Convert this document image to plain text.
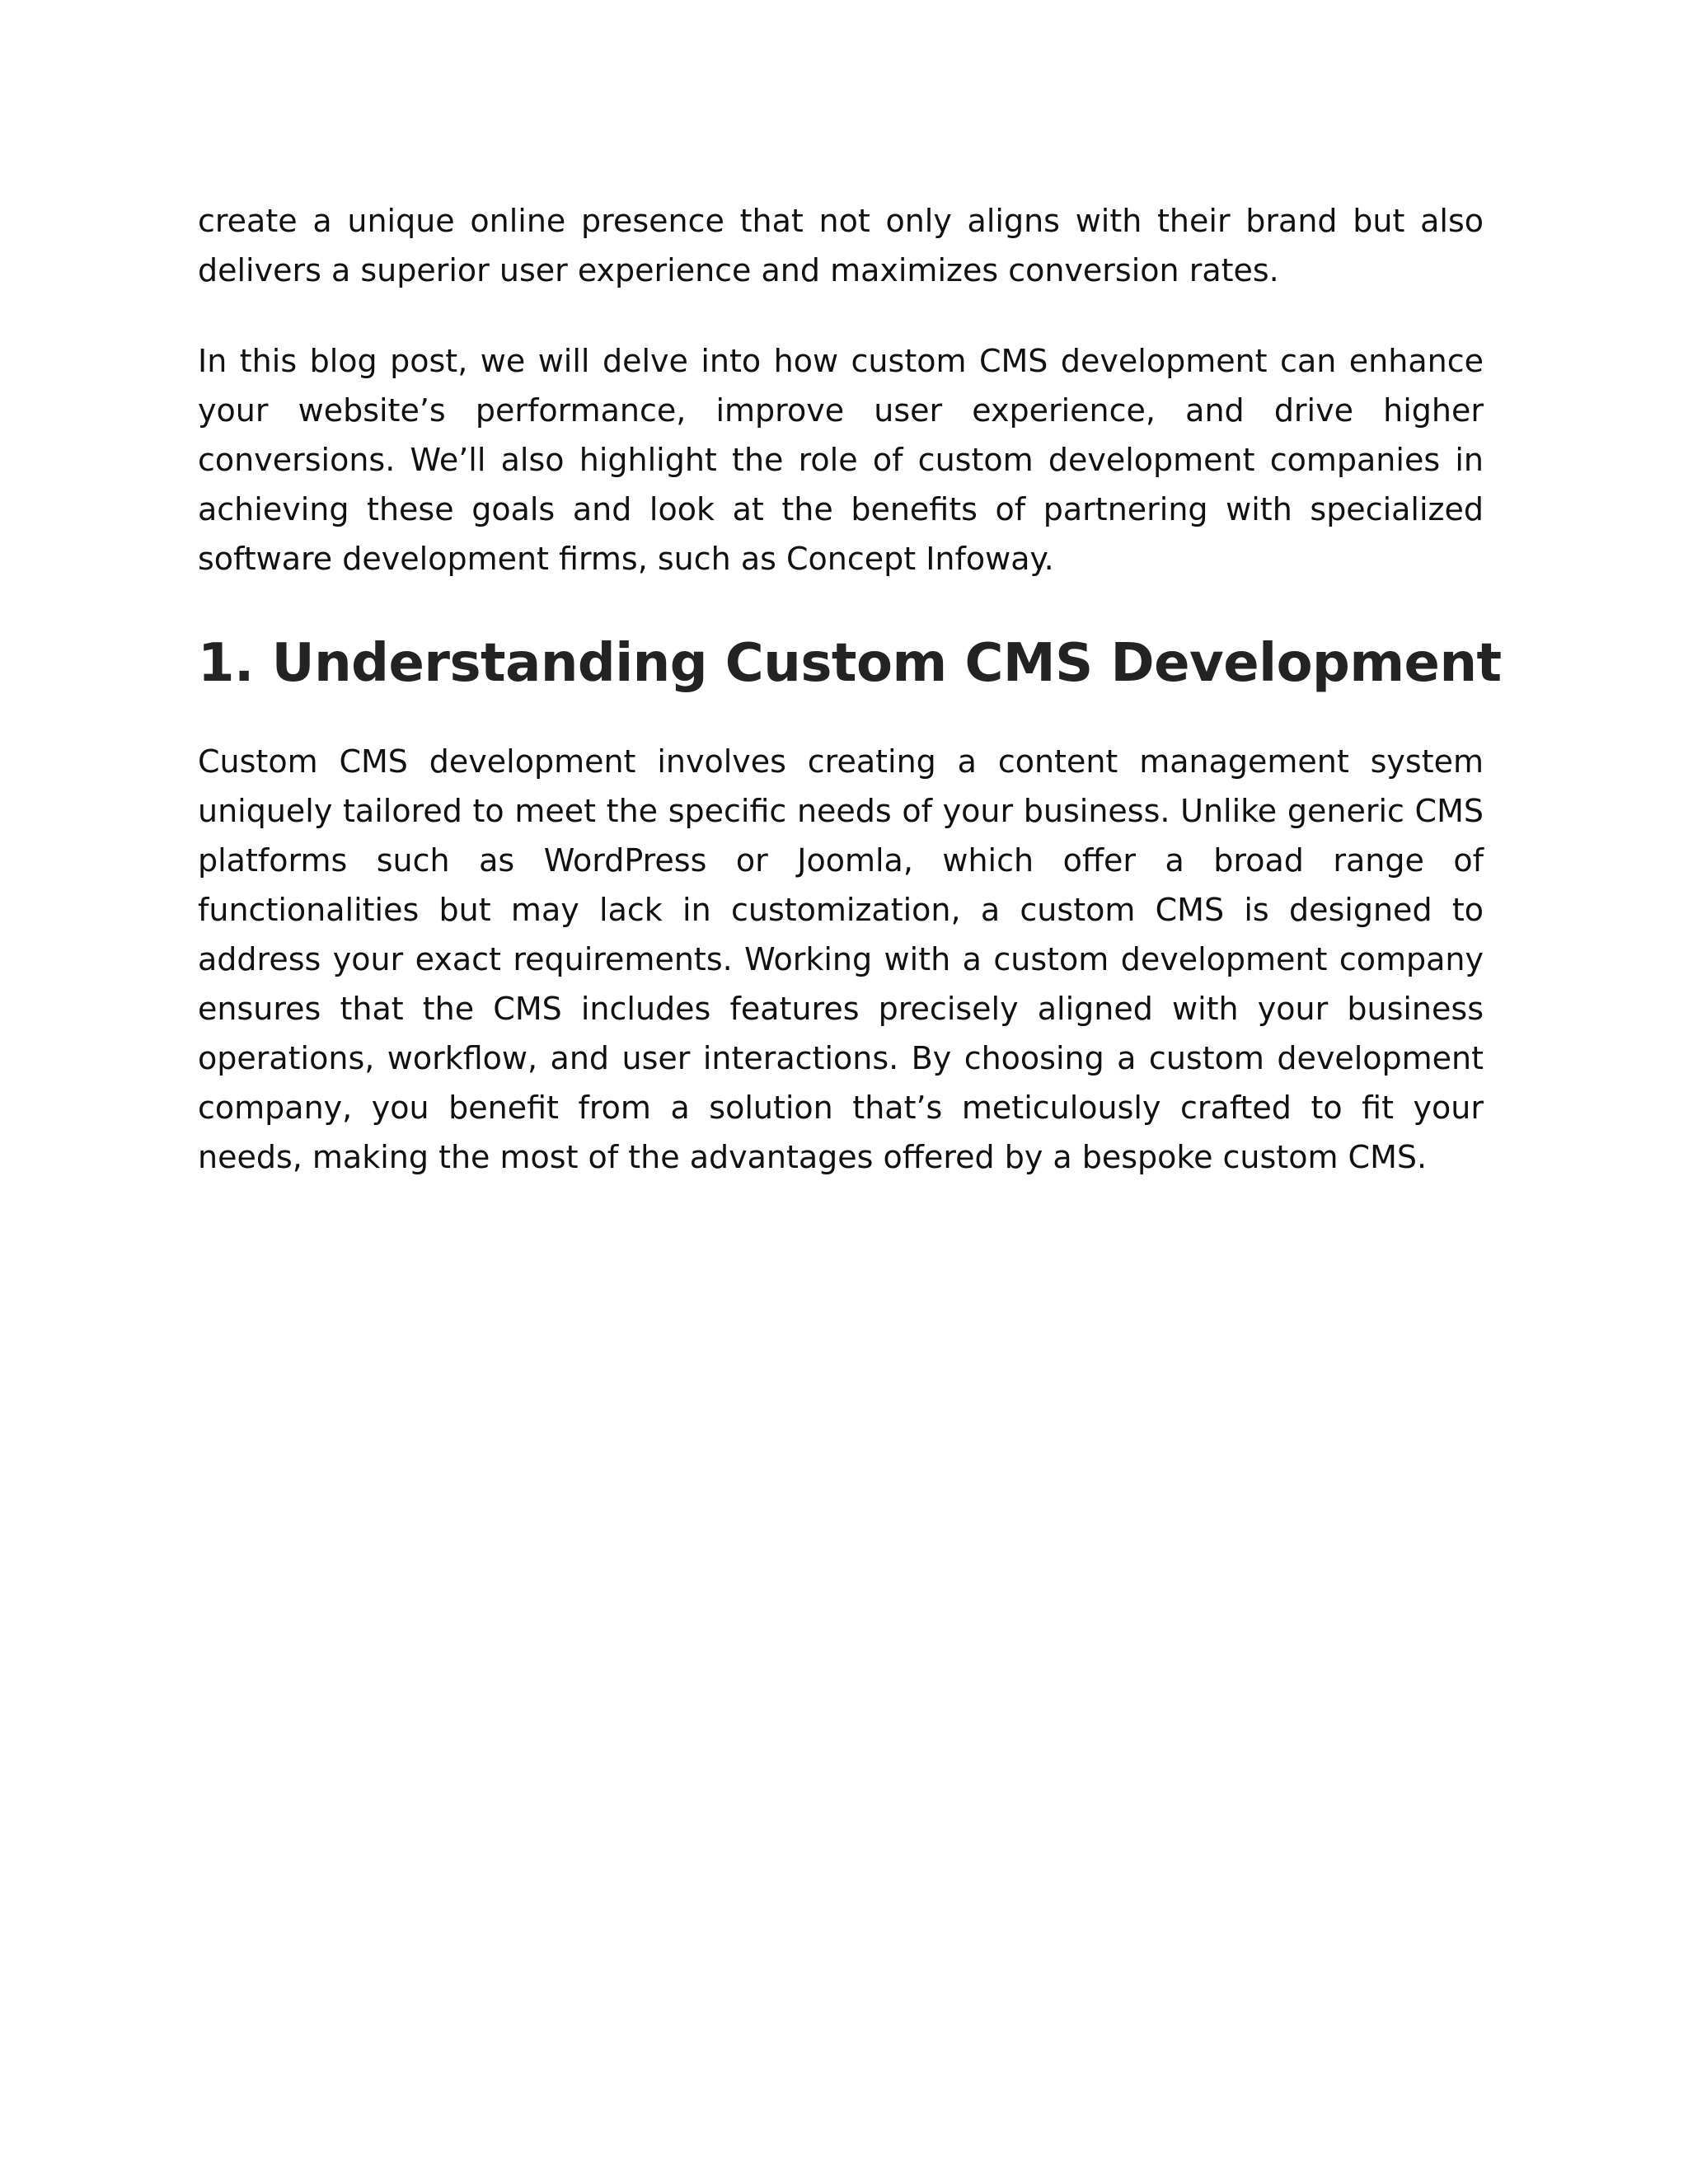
create a unique online presence that not only aligns with their brand but also delivers a superior user experience and maximizes conversion rates.

In this blog post, we will delve into how custom CMS development can enhance your website’s performance, improve user experience, and drive higher conversions. We’ll also highlight the role of custom development companies in achieving these goals and look at the benefits of partnering with specialized software development firms, such as Concept Infoway.

1. Understanding Custom CMS Development

Custom CMS development involves creating a content management system uniquely tailored to meet the specific needs of your business. Unlike generic CMS platforms such as WordPress or Joomla, which offer a broad range of functionalities but may lack in customization, a custom CMS is designed to address your exact requirements. Working with a custom development company ensures that the CMS includes features precisely aligned with your business operations, workflow, and user interactions. By choosing a custom development company, you benefit from a solution that’s meticulously crafted to fit your needs, making the most of the advantages offered by a bespoke custom CMS.
